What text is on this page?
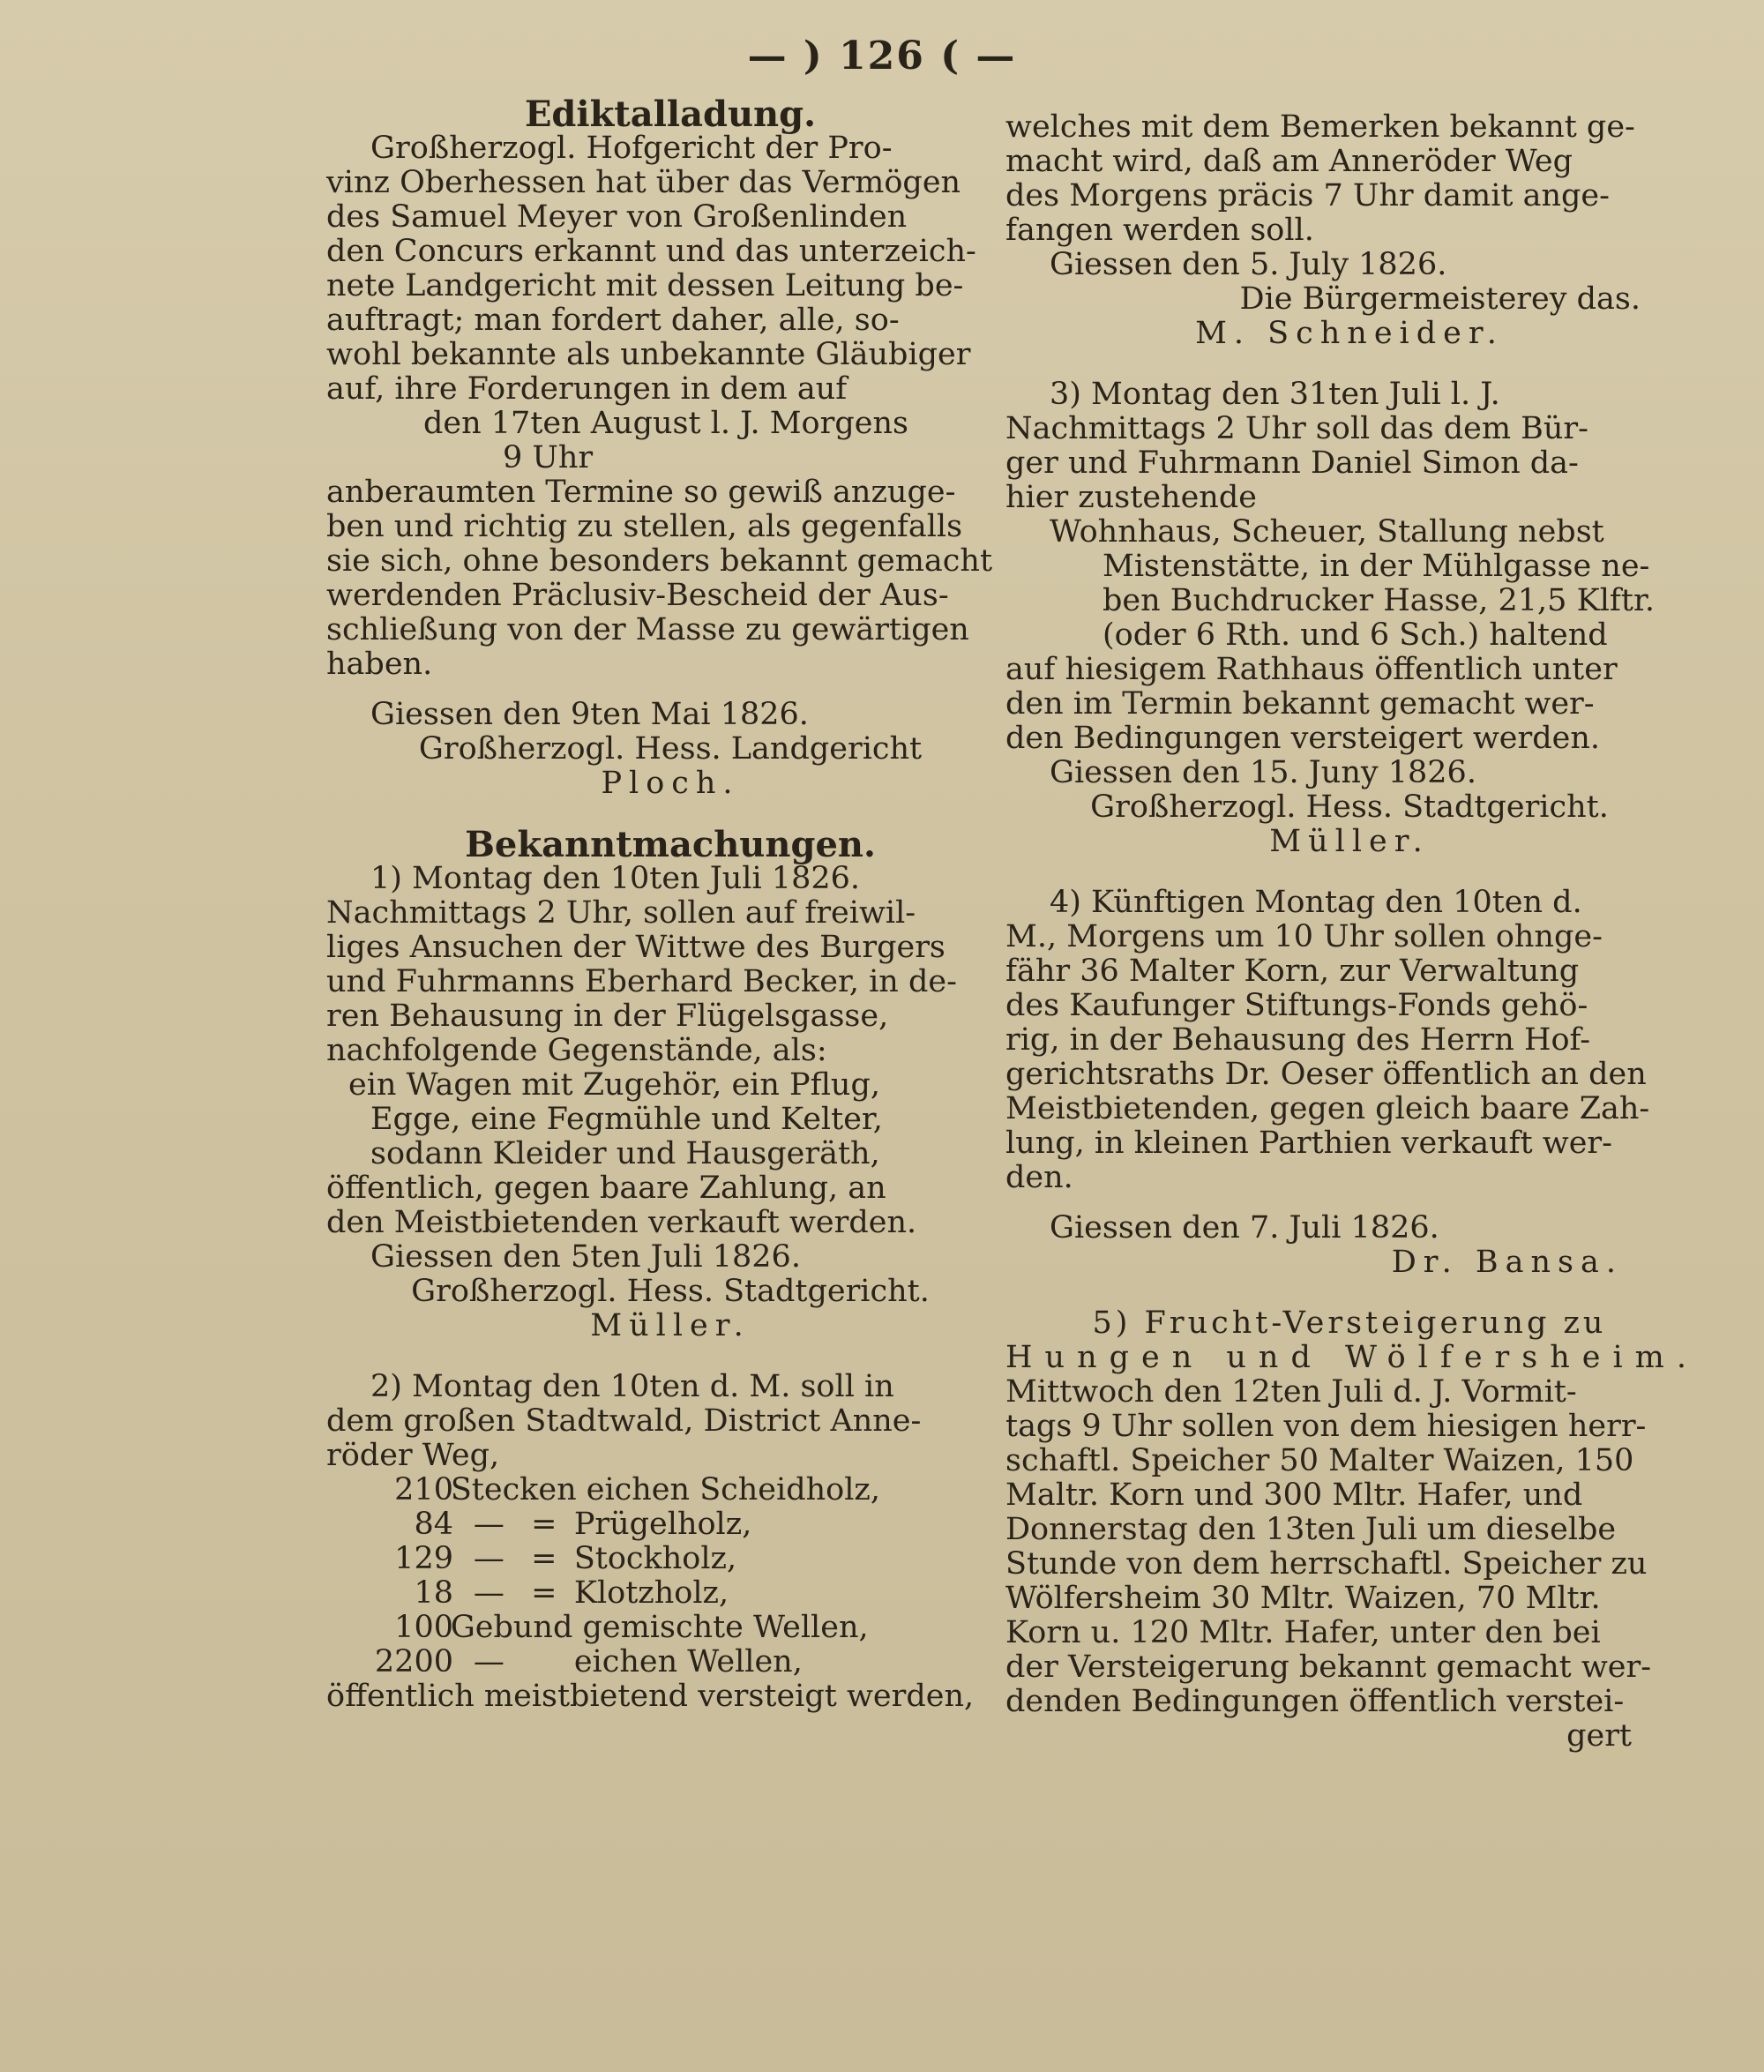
— ) 126 ( —

Ediktalladung.

Großherzogl. Hofgericht der Pro-

vinz Oberhessen hat über das Vermögen

des Samuel Meyer von Großenlinden

den Concurs erkannt und das unterzeich-

nete Landgericht mit dessen Leitung be-

auftragt; man fordert daher, alle, so-

wohl bekannte als unbekannte Gläubiger

auf, ihre Forderungen in dem auf

den 17ten August l. J. Morgens

9 Uhr

anberaumten Termine so gewiß anzuge-

ben und richtig zu stellen, als gegenfalls

sie sich, ohne besonders bekannt gemacht

werdenden Präclusiv-Bescheid der Aus-

schließung von der Masse zu gewärtigen

haben.

Giessen den 9ten Mai 1826.

Großherzogl. Hess. Landgericht

Ploch.

Bekanntmachungen.

1) Montag den 10ten Juli 1826.

Nachmittags 2 Uhr, sollen auf freiwil-

liges Ansuchen der Wittwe des Burgers

und Fuhrmanns Eberhard Becker, in de-

ren Behausung in der Flügelsgasse,

nachfolgende Gegenstände, als:

ein Wagen mit Zugehör, ein Pflug,

Egge, eine Fegmühle und Kelter,

sodann Kleider und Hausgeräth,

öffentlich, gegen baare Zahlung, an

den Meistbietenden verkauft werden.

Giessen den 5ten Juli 1826.

Großherzogl. Hess. Stadtgericht.

Müller.

2) Montag den 10ten d. M. soll in

dem großen Stadtwald, District Anne-

röder Weg,

210			Stecken eichen Scheidholz,
84	—	=	Prügelholz,
129	—	=	Stockholz,
18	—	=	Klotzholz,
100			Gebund gemischte Wellen,
2200	—		eichen Wellen,

öffentlich meistbietend versteigt werden,

welches mit dem Bemerken bekannt ge-

macht wird, daß am Anneröder Weg

des Morgens präcis 7 Uhr damit ange-

fangen werden soll.

Giessen den 5. July 1826.

Die Bürgermeisterey das.

M. Schneider.

3) Montag den 31ten Juli l. J.

Nachmittags 2 Uhr soll das dem Bür-

ger und Fuhrmann Daniel Simon da-

hier zustehende

Wohnhaus, Scheuer, Stallung nebst

Mistenstätte, in der Mühlgasse ne-

ben Buchdrucker Hasse, 21,5 Klftr.

(oder 6 Rth. und 6 Sch.) haltend

auf hiesigem Rathhaus öffentlich unter

den im Termin bekannt gemacht wer-

den Bedingungen versteigert werden.

Giessen den 15. Juny 1826.

Großherzogl. Hess. Stadtgericht.

Müller.

4) Künftigen Montag den 10ten d.

M., Morgens um 10 Uhr sollen ohnge-

fähr 36 Malter Korn, zur Verwaltung

des Kaufunger Stiftungs-Fonds gehö-

rig, in der Behausung des Herrn Hof-

gerichtsraths Dr. Oeser öffentlich an den

Meistbietenden, gegen gleich baare Zah-

lung, in kleinen Parthien verkauft wer-

den.

Giessen den 7. Juli 1826.

Dr. Bansa.

5) Frucht-Versteigerung zu

Hungen und Wölfersheim.

Mittwoch den 12ten Juli d. J. Vormit-

tags 9 Uhr sollen von dem hiesigen herr-

schaftl. Speicher 50 Malter Waizen, 150

Maltr. Korn und 300 Mltr. Hafer, und

Donnerstag den 13ten Juli um dieselbe

Stunde von dem herrschaftl. Speicher zu

Wölfersheim 30 Mltr. Waizen, 70 Mltr.

Korn u. 120 Mltr. Hafer, unter den bei

der Versteigerung bekannt gemacht wer-

denden Bedingungen öffentlich verstei-

gert
